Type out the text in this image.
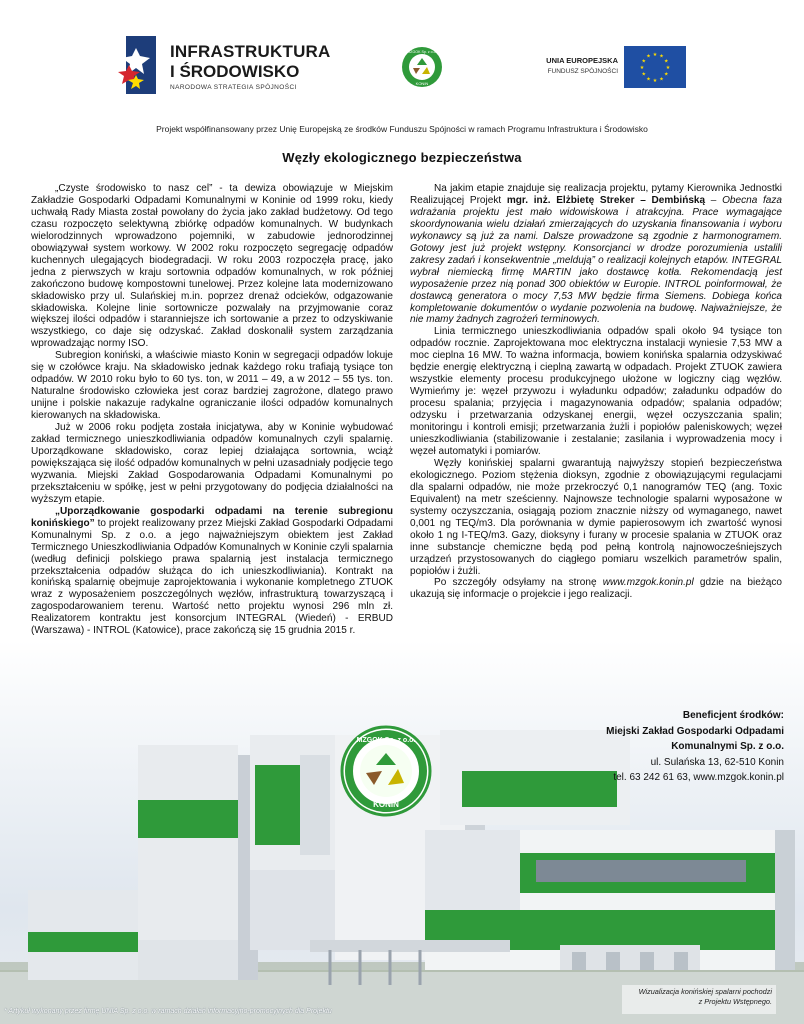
MZGOK Sp. z o.o.
KONIN
INFRASTRUKTURA
I ŚRODOWISKO
NARODOWA STRATEGIA SPÓJNOŚCI
MZGOK Sp. z o.o.
KONIN
UNIA EUROPEJSKA
FUNDUSZ SPÓJNOŚCI
★ ★
★
★
★
★
★
★
★
★
★
★
Projekt współfinansowany przez Unię Europejską ze środków Funduszu Spójności w ramach Programu Infrastruktura i Środowisko
Węzły ekologicznego bezpieczeństwa

„Czyste środowisko to nasz cel” - ta dewiza obowiązuje w Miejskim Zakładzie Gospodarki Odpadami Komunalnymi w Koninie od 1999 roku, kiedy uchwałą Rady Miasta został powołany do życia jako zakład budżetowy. Od tego czasu rozpoczęto selektywną zbiórkę odpadów komunalnych. W budynkach wielorodzinnych wprowadzono pojemniki, w zabudowie jednorodzinnej obowiązywał system workowy. W 2002 roku rozpoczęto segregację odpadów kuchennych ulegających biodegradacji. W roku 2003 rozpoczęła pracę, jako jedna z pierwszych w kraju sortownia odpadów komunalnych, w rok później zakończono budowę kompostowni tunelowej. Przez kolejne lata modernizowano składowisko przy ul. Sulańskiej m.in. poprzez drenaż odcieków, odgazowanie składowiska. Kolejne linie sortownicze pozwalały na przyjmowanie coraz większej ilości odpadów i staranniejsze ich sortowanie a przez to odzyskiwanie wszystkiego, co daje się odzyskać. Zakład doskonalił system zarządzania wprowadzając normy ISO.

Subregion koniński, a właściwie miasto Konin w segregacji odpadów lokuje się w czołówce kraju. Na składowisko jednak każdego roku trafiają tysiące ton odpadów. W 2010 roku było to 60 tys. ton, w 2011 – 49, a w 2012 – 55 tys. ton. Naturalne środowisko człowieka jest coraz bardziej zagrożone, dlatego prawo unijne i polskie nakazuje radykalne ograniczanie ilości odpadów komunalnych kierowanych na składowiska.

Już w 2006 roku podjęta została inicjatywa, aby w Koninie wybudować zakład termicznego unieszkodliwiania odpadów komunalnych czyli spalarnię. Uporządkowane składowisko, coraz lepiej działająca sortownia, wciąż powiększająca się ilość odpadów komunalnych w pełni uzasadniały podjęcie tego wyzwania. Miejski Zakład Gospodarowania Odpadami Komunalnymi po przekształceniu w spółkę, jest w pełni przygotowany do podjęcia działalności na wyższym etapie.

„Uporządkowanie gospodarki odpadami na terenie subregionu konińskiego” to projekt realizowany przez Miejski Zakład Gospodarki Odpadami Komunalnymi Sp. z o.o. a jego najważniejszym obiektem jest Zakład Termicznego Unieszkodliwiania Odpadów Komunalnych w Koninie czyli spalarnia (według definicji polskiego prawa spalarnią jest instalacja termicznego przekształcenia odpadów służąca do ich unieszkodliwiania). Kontrakt na konińską spalarnię obejmuje zaprojektowania i wykonanie kompletnego ZTUOK wraz z wyposażeniem poszczególnych węzłów, infrastrukturą towarzyszącą i zagospodarowaniem terenu. Wartość netto projektu wynosi 296 mln zł. Realizatorem kontraktu jest konsorcjum INTEGRAL (Wiedeń) - ERBUD (Warszawa) - INTROL (Katowice), prace zakończą się 15 grudnia 2015 r.

Na jakim etapie znajduje się realizacja projektu, pytamy Kierownika Jednostki Realizującej Projekt mgr. inż. Elżbietę Streker – Dembińską – Obecna faza wdrażania projektu jest mało widowiskowa i atrakcyjna. Prace wymagające skoordynowania wielu działań zmierzających do uzyskania finansowania i wyboru wykonawcy są już za nami. Dalsze prowadzone są zgodnie z harmonogramem. Gotowy jest już projekt wstępny. Konsorcjanci w drodze porozumienia ustalili zakresy zadań i konsekwentnie „meldują” o realizacji kolejnych etapów. INTEGRAL wybrał niemiecką firmę MARTIN jako dostawcę kotła. Rekomendacją jest wyposażenie przez nią ponad 300 obiektów w Europie. INTROL poinformował, że dostawcą generatora o mocy 7,53 MW będzie firma Siemens. Dobiega końca kompletowanie dokumentów o wydanie pozwolenia na budowę. Najważniejsze, że nie mamy żadnych zagrożeń terminowych.

Linia termicznego unieszkodliwiania odpadów spali około 94 tysiące ton odpadów rocznie. Zaprojektowana moc elektryczna instalacji wyniesie 7,53 MW a moc cieplna 16 MW. To ważna informacja, bowiem konińska spalarnia odzyskiwać będzie energię elektryczną i cieplną zawartą w odpadach. Projekt ZTUOK zawiera wszystkie elementy procesu produkcyjnego ułożone w logiczny ciąg węzłów. Wymieńmy je: węzeł przywozu i wyładunku odpadów; załadunku odpadów do procesu spalania; przyjęcia i magazynowania odpadów; spalania odpadów; odzysku i przetwarzania odzyskanej energii, węzeł oczyszczania spalin; monitoringu i kontroli emisji; przetwarzania żużli i popiołów paleniskowych; węzeł unieszkodliwiania (stabilizowanie i zestalanie; zasilania i wyprowadzenia mocy i węzeł automatyki i pomiarów.

Węzły konińskiej spalarni gwarantują najwyższy stopień bezpieczeństwa ekologicznego. Poziom stężenia dioksyn, zgodnie z obowiązującymi regulacjami dla spalarni odpadów, nie może przekroczyć 0,1 nanogramów TEQ (ang. Toxic Equivalent) na metr sześcienny. Najnowsze technologie spalarni wyposażone w systemy oczyszczania, osiągają poziom znacznie niższy od wymaganego, nawet 0,001 ng TEQ/m3. Dla porównania w dymie papierosowym ich zwartość wynosi około 1 ng I-TEQ/m3. Gazy, dioksyny i furany w procesie spalania w ZTUOK oraz inne substancje chemiczne będą pod pełną kontrolą najnowocześniejszych urządzeń przystosowanych do ciągłego pomiaru wszelkich parametrów spalin, popiołów i żużli.

Po szczegóły odsyłamy na stronę www.mzgok.konin.pl gdzie na bieżąco ukazują się informacje o projekcie i jego realizacji.

Beneficjent środków:
Miejski Zakład Gospodarki Odpadami
Komunalnymi Sp. z o.o.
ul. Sulańska 13, 62-510 Konin
tel. 63 242 61 63, www.mzgok.konin.pl
Wizualizacja konińskiej spalarni pochodzi
z Projektu Wstępnego.
* Artykuł wykonany przez firmę UNIA Sp. z o.o. w ramach działań informacyjno-promocyjnych dla Projektu
